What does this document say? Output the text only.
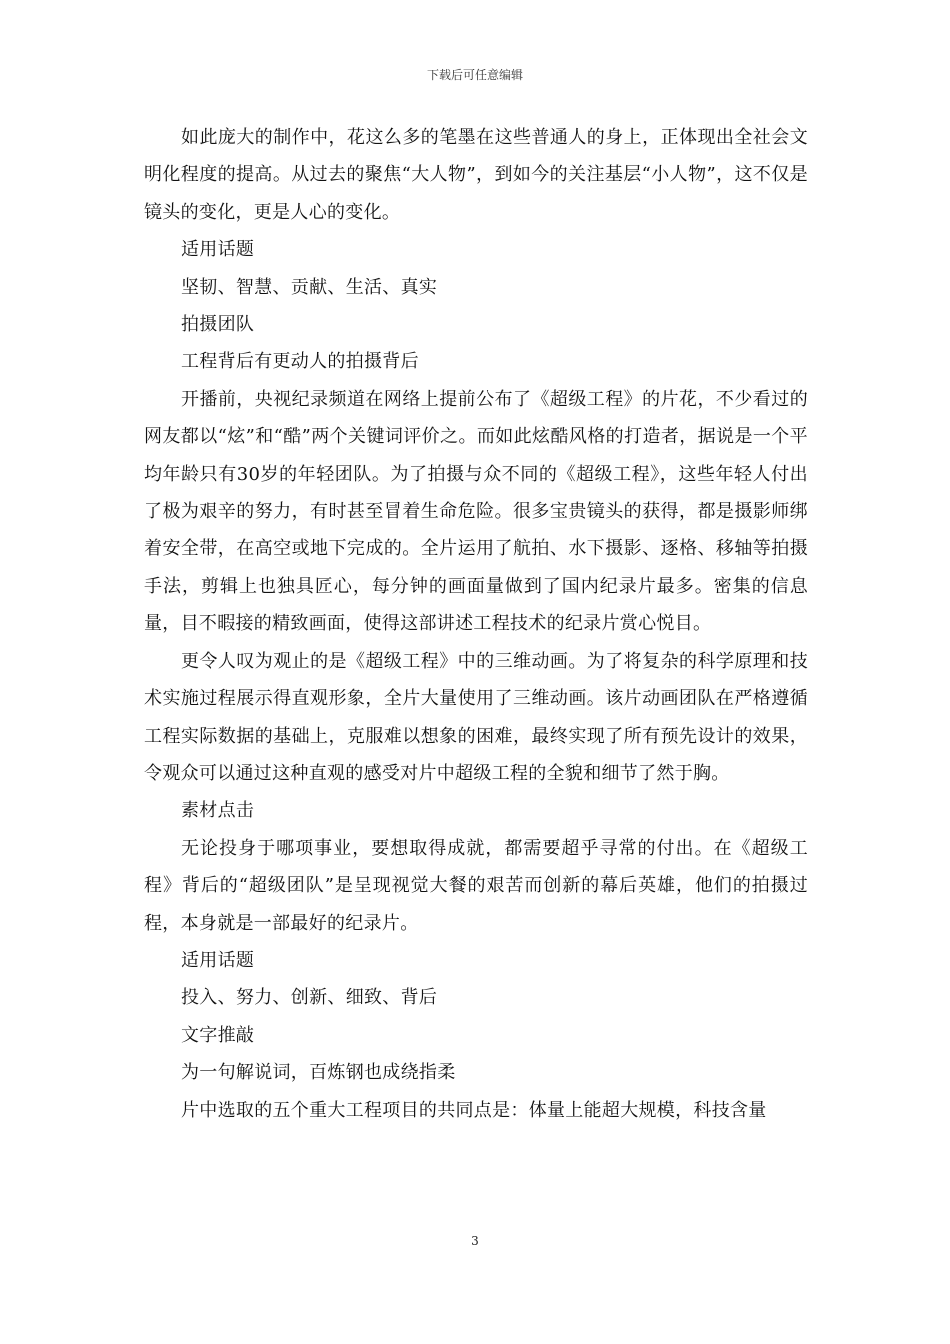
下载后可任意编辑

如此庞大的制作中，花这么多的笔墨在这些普通人的身上，正体现出全社会文明化程度的提高。从过去的聚焦“大人物”，到如今的关注基层“小人物”，这不仅是镜头的变化，更是人心的变化。

适用话题

坚韧、智慧、贡献、生活、真实

拍摄团队

工程背后有更动人的拍摄背后

开播前，央视纪录频道在网络上提前公布了《超级工程》的片花，不少看过的网友都以“炫”和“酷”两个关键词评价之。而如此炫酷风格的打造者，据说是一个平均年龄只有30岁的年轻团队。为了拍摄与众不同的《超级工程》，这些年轻人付出了极为艰辛的努力，有时甚至冒着生命危险。很多宝贵镜头的获得，都是摄影师绑着安全带，在高空或地下完成的。全片运用了航拍、水下摄影、逐格、移轴等拍摄手法，剪辑上也独具匠心，每分钟的画面量做到了国内纪录片最多。密集的信息量，目不暇接的精致画面，使得这部讲述工程技术的纪录片赏心悦目。

更令人叹为观止的是《超级工程》中的三维动画。为了将复杂的科学原理和技术实施过程展示得直观形象，全片大量使用了三维动画。该片动画团队在严格遵循工程实际数据的基础上，克服难以想象的困难，最终实现了所有预先设计的效果，令观众可以通过这种直观的感受对片中超级工程的全貌和细节了然于胸。

素材点击

无论投身于哪项事业，要想取得成就，都需要超乎寻常的付出。在《超级工程》背后的“超级团队”是呈现视觉大餐的艰苦而创新的幕后英雄，他们的拍摄过程，本身就是一部最好的纪录片。

适用话题

投入、努力、创新、细致、背后

文字推敲

为一句解说词，百炼钢也成绕指柔

片中选取的五个重大工程项目的共同点是：体量上能超大规模，科技含量

3
